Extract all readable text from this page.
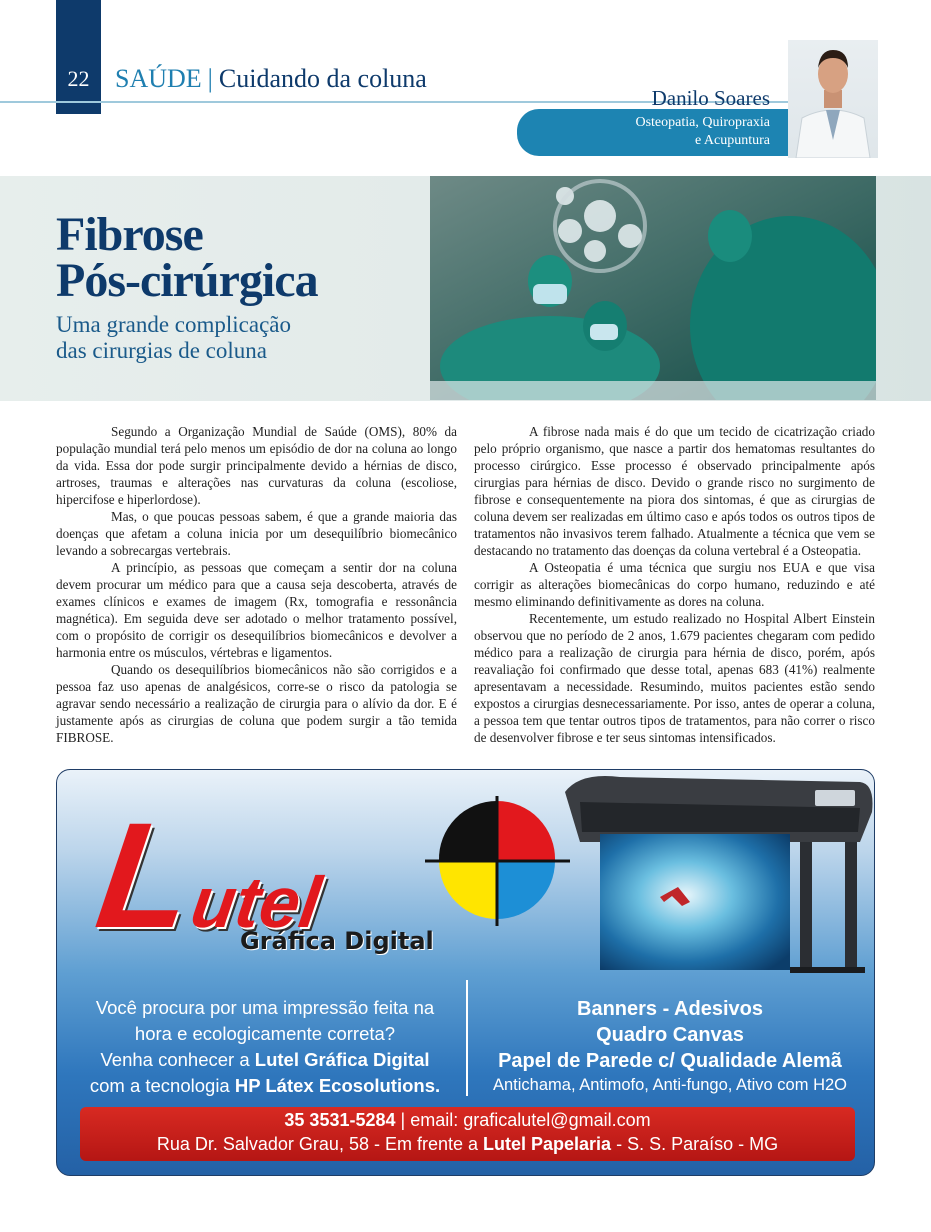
22 SAÚDE | Cuidando da coluna
Danilo Soares
Osteopatia, Quiropraxia
e Acupuntura
Fibrose
Pós-cirúrgica
Uma grande complicação
das cirurgias de coluna

Segundo a Organização Mundial de Saúde (OMS), 80% da população mundial terá pelo menos um episódio de dor na coluna ao longo da vida. Essa dor pode surgir principalmente devido a hérnias de disco, artroses, traumas e alterações nas curvaturas da coluna (escoliose, hipercifose e hiperlordose).

Mas, o que poucas pessoas sabem, é que a grande maioria das doenças que afetam a coluna inicia por um desequilíbrio biomecânico levando a sobrecargas vertebrais.

A princípio, as pessoas que começam a sentir dor na coluna devem procurar um médico para que a causa seja descoberta, através de exames clínicos e exames de imagem (Rx, tomografia e ressonância magnética). Em seguida deve ser adotado o melhor tratamento possível, com o propósito de corrigir os desequilíbrios biomecânicos e devolver a harmonia entre os músculos, vértebras e ligamentos.

Quando os desequilíbrios biomecânicos não são corrigidos e a pessoa faz uso apenas de analgésicos, corre-se o risco da patologia se agravar sendo necessário a realização de cirurgia para o alívio da dor. E é justamente após as cirurgias de coluna que podem surgir a tão temida FIBROSE.

A fibrose nada mais é do que um tecido de cicatrização criado pelo próprio organismo, que nasce a partir dos hematomas resultantes do processo cirúrgico. Esse processo é observado principalmente após cirurgias para hérnias de disco. Devido o grande risco no surgimento de fibrose e consequentemente na piora dos sintomas, é que as cirurgias de coluna devem ser realizadas em último caso e após todos os outros tipos de tratamentos não invasivos terem falhado. Atualmente a técnica que vem se destacando no tratamento das doenças da coluna vertebral é a Osteopatia.

A Osteopatia é uma técnica que surgiu nos EUA e que visa corrigir as alterações biomecânicas do corpo humano, reduzindo e até mesmo eliminando definitivamente as dores na coluna.

Recentemente, um estudo realizado no Hospital Albert Einstein observou que no período de 2 anos, 1.679 pacientes chegaram com pedido médico para a realização de cirurgia para hérnia de disco, porém, após reavaliação foi confirmado que desse total, apenas 683 (41%) realmente apresentavam a necessidade. Resumindo, muitos pacientes estão sendo expostos a cirurgias desnecessariamente. Por isso, antes de operar a coluna, a pessoa tem que tentar outros tipos de tratamentos, para não correr o risco de desenvolver fibrose e ter seus sintomas intensificados.

Lutel
Gráfica Digital
Você procura por uma impressão feita na
hora e ecologicamente correta?
Venha conhecer a Lutel Gráfica Digital
com a tecnologia HP Látex Ecosolutions.
Banners - Adesivos
Quadro Canvas
Papel de Parede c/ Qualidade Alemã
Antichama, Antimofo, Anti-fungo, Ativo com H2O
35 3531-5284 | email: graficalutel@gmail.com
Rua Dr. Salvador Grau, 58 - Em frente a Lutel Papelaria - S. S. Paraíso - MG
